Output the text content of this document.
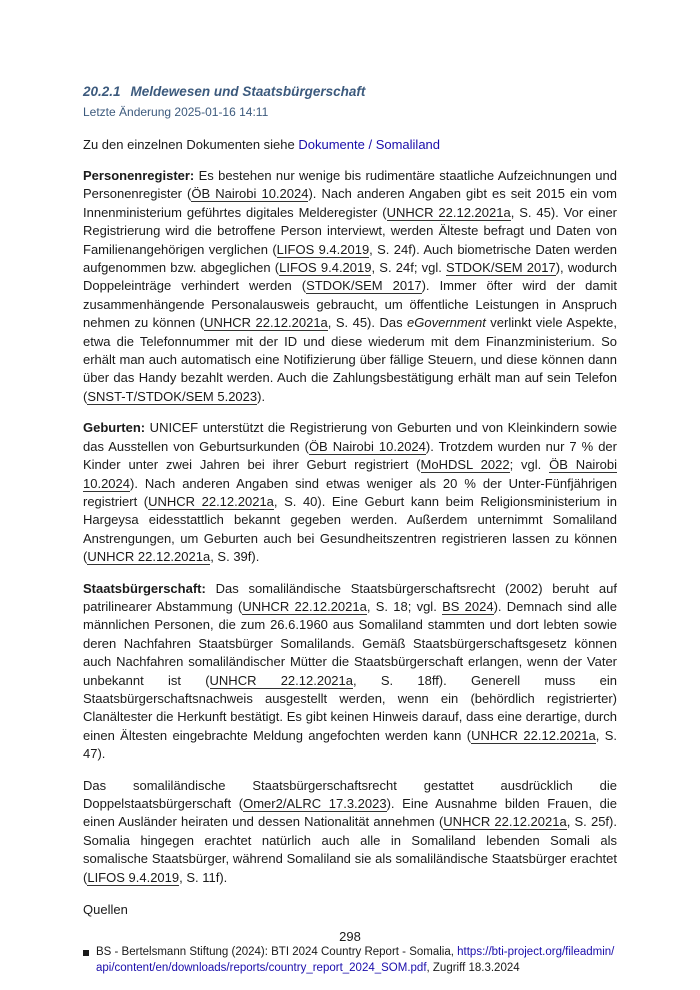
20.2.1 Meldewesen und Staatsbürgerschaft
Letzte Änderung 2025-01-16 14:11
Zu den einzelnen Dokumenten siehe Dokumente / Somaliland

Personenregister: Es bestehen nur wenige bis rudimentäre staatliche Aufzeichnungen und Personenregister (ÖB Nairobi 10.2024). Nach anderen Angaben gibt es seit 2015 ein vom Innenministerium geführtes digitales Melderegister (UNHCR 22.12.2021a, S. 45). Vor einer Registrierung wird die betroffene Person interviewt, werden Älteste befragt und Daten von Familienangehörigen verglichen (LIFOS 9.4.2019, S. 24f). Auch biometrische Daten werden aufgenommen bzw. abgeglichen (LIFOS 9.4.2019, S. 24f; vgl. STDOK/SEM 2017), wodurch Doppeleinträge verhindert werden (STDOK/SEM 2017). Immer öfter wird der damit zusammenhängende Personalausweis gebraucht, um öffentliche Leistungen in Anspruch nehmen zu können (UNHCR 22.12.2021a, S. 45). Das eGovernment verlinkt viele Aspekte, etwa die Telefonnummer mit der ID und diese wiederum mit dem Finanzministerium. So erhält man auch automatisch eine Notifizierung über fällige Steuern, und diese können dann über das Handy bezahlt werden. Auch die Zahlungsbestätigung erhält man auf sein Telefon (SNST-T/STDOK/SEM 5.2023).

Geburten: UNICEF unterstützt die Registrierung von Geburten und von Kleinkindern sowie das Ausstellen von Geburtsurkunden (ÖB Nairobi 10.2024). Trotzdem wurden nur 7 % der Kinder unter zwei Jahren bei ihrer Geburt registriert (MoHDSL 2022; vgl. ÖB Nairobi 10.2024). Nach anderen Angaben sind etwas weniger als 20 % der Unter-Fünfjährigen registriert (UNHCR 22.12.2021a, S. 40). Eine Geburt kann beim Religionsministerium in Hargeysa eidesstattlich bekannt gegeben werden. Außerdem unternimmt Somaliland Anstrengungen, um Geburten auch bei Gesundheitszentren registrieren lassen zu können (UNHCR 22.12.2021a, S. 39f).

Staatsbürgerschaft: Das somaliländische Staatsbürgerschaftsrecht (2002) beruht auf patrilinearer Abstammung (UNHCR 22.12.2021a, S. 18; vgl. BS 2024). Demnach sind alle männlichen Personen, die zum 26.6.1960 aus Somaliland stammten und dort lebten sowie deren Nachfahren Staatsbürger Somalilands. Gemäß Staatsbürgerschaftsgesetz können auch Nachfahren somaliländischer Mütter die Staatsbürgerschaft erlangen, wenn der Vater unbekannt ist (UNHCR 22.12.2021a, S. 18ff). Generell muss ein Staatsbürgerschaftsnachweis ausgestellt werden, wenn ein (behördlich registrierter) Clanältester die Herkunft bestätigt. Es gibt keinen Hinweis darauf, dass eine derartige, durch einen Ältesten eingebrachte Meldung angefochten werden kann (UNHCR 22.12.2021a, S. 47).

Das somaliländische Staatsbürgerschaftsrecht gestattet ausdrücklich die Doppelstaatsbürgerschaft (Omer2/ALRC 17.3.2023). Eine Ausnahme bilden Frauen, die einen Ausländer heiraten und dessen Nationalität annehmen (UNHCR 22.12.2021a, S. 25f). Somalia hingegen erachtet natürlich auch alle in Somaliland lebenden Somali als somalische Staatsbürger, während Somaliland sie als somaliländische Staatsbürger erachtet (LIFOS 9.4.2019, S. 11f).

Quellen
BS - Bertelsmann Stiftung (2024): BTI 2024 Country Report - Somalia, https://bti-project.org/fileadmin/api/content/en/downloads/reports/country_report_2024_SOM.pdf, Zugriff 18.3.2024
298
